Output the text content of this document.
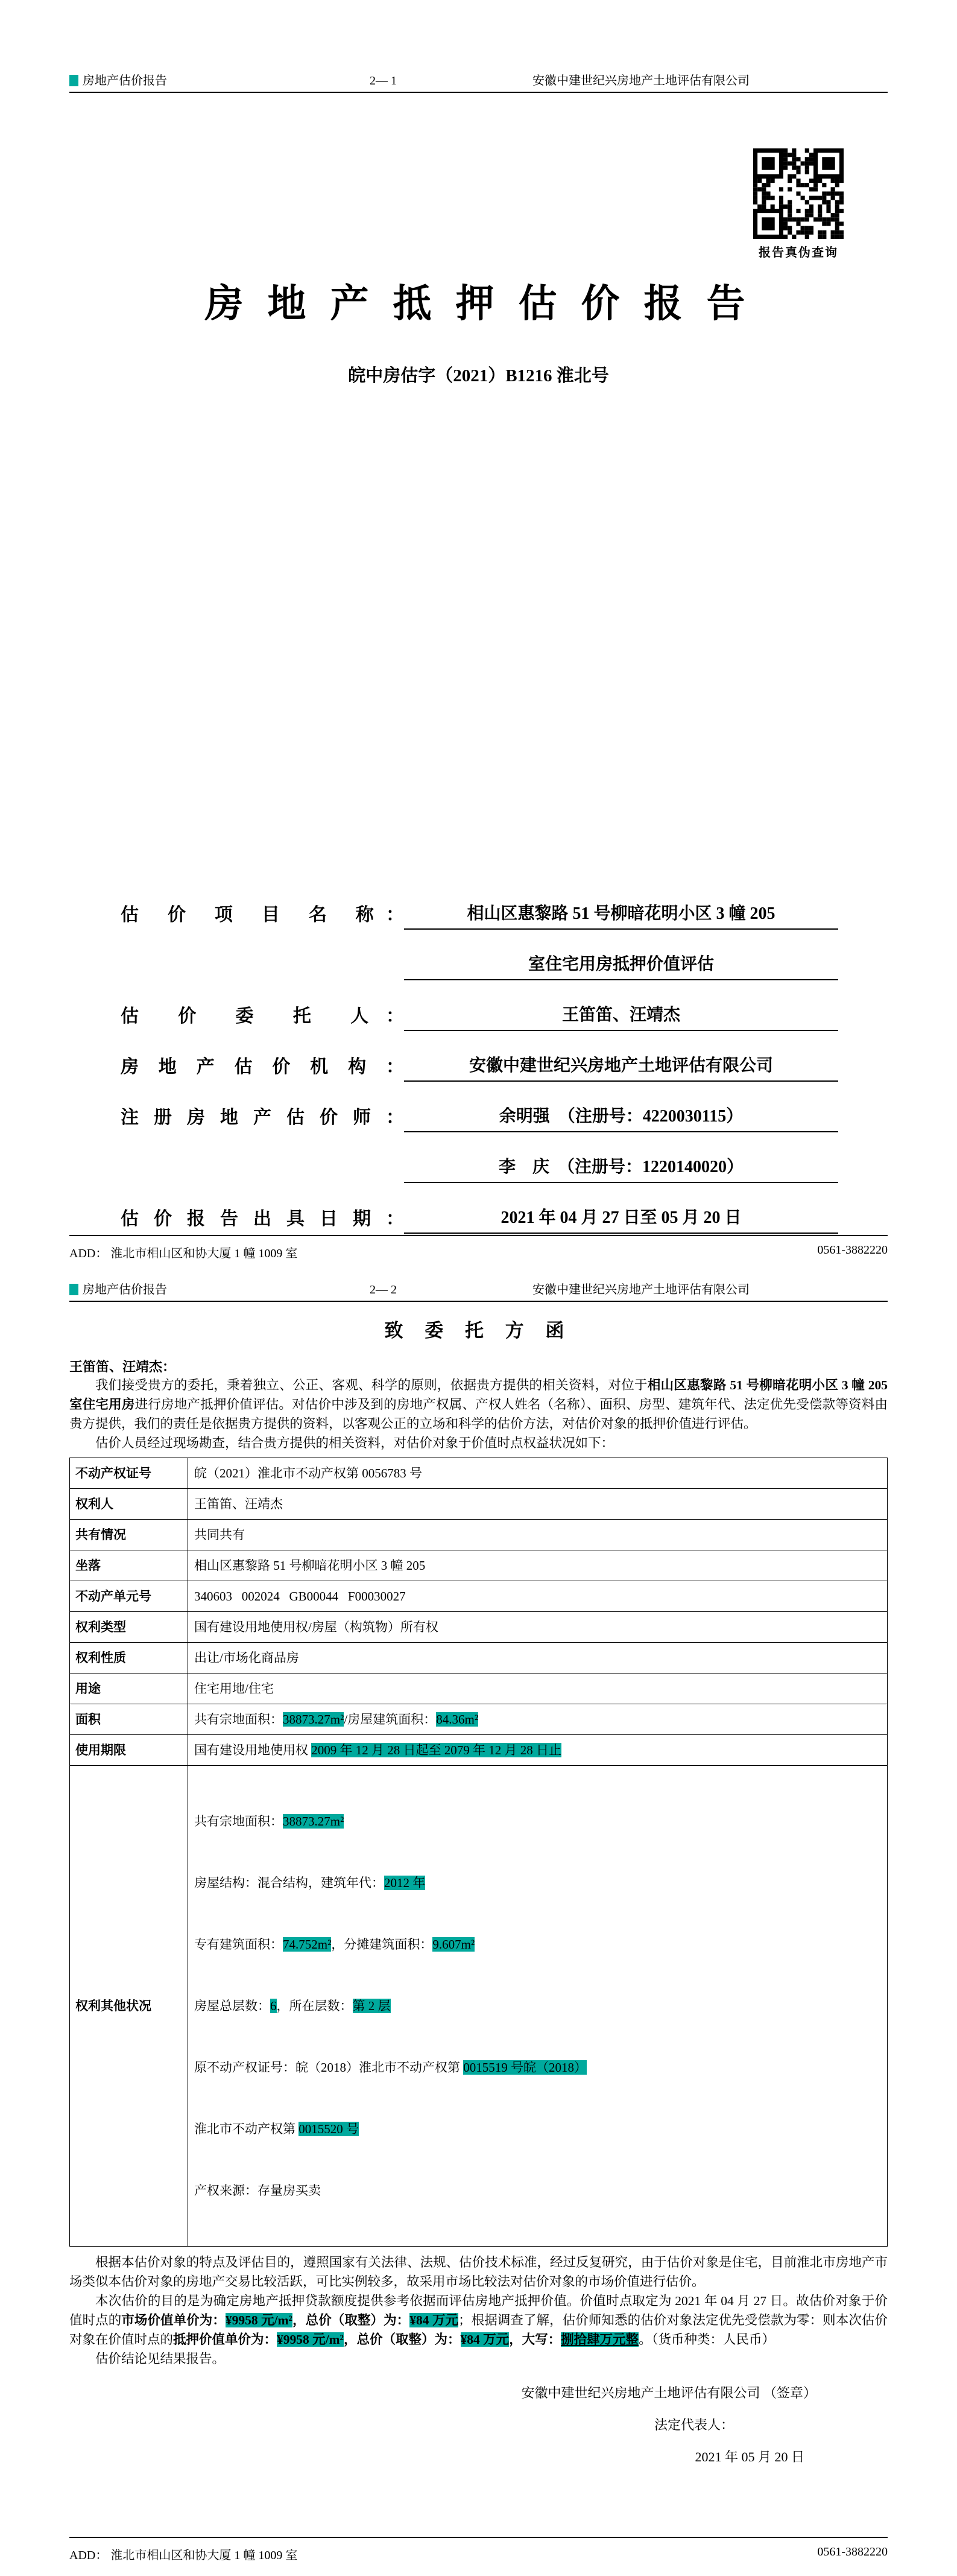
房地产估价报告	2— 1	安徽中建世纪兴房地产土地评估有限公司
报告真伪查询
房 地 产 抵 押 估 价 报 告
皖中房估字（2021）B1216 淮北号
估 价 项 目 名 称：	相山区惠黎路 51 号柳暗花明小区 3 幢 205
室住宅用房抵押价值评估
估 价 委 托 人：	王笛笛、汪靖杰
房地产估价机构：	安徽中建世纪兴房地产土地评估有限公司
注册房地产估价师：	余明强　（注册号：4220030115）
李　庆　（注册号：1220140020）
估价报告出具日期：	2021 年 04 月 27 日至 05 月 20 日
ADD： 淮北市相山区和协大厦 1 幢 1009 室	0561-3882220
房地产估价报告	2— 2	安徽中建世纪兴房地产土地评估有限公司
致 委 托 方 函
王笛笛、汪靖杰：

我们接受贵方的委托，秉着独立、公正、客观、科学的原则，依据贵方提供的相关资料，对位于相山区惠黎路 51 号柳暗花明小区 3 幢 205 室住宅用房进行房地产抵押价值评估。对估价中涉及到的房地产权属、产权人姓名（名称）、面积、房型、建筑年代、法定优先受偿款等资料由贵方提供，我们的责任是依据贵方提供的资料，以客观公正的立场和科学的估价方法，对估价对象的抵押价值进行评估。

估价人员经过现场勘查，结合贵方提供的相关资料，对估价对象于价值时点权益状况如下：

不动产权证号	皖（2021）淮北市不动产权第 0056783 号
权利人	王笛笛、汪靖杰
共有情况	共同共有
坐落	相山区惠黎路 51 号柳暗花明小区 3 幢 205
不动产单元号	340603   002024   GB00044   F00030027
权利类型	国有建设用地使用权/房屋（构筑物）所有权
权利性质	出让/市场化商品房
用途	住宅用地/住宅
面积	共有宗地面积：38873.27m²/房屋建筑面积：84.36m²
使用期限	国有建设用地使用权 2009 年 12 月 28 日起至 2079 年 12 月 28 日止
权利其他状况	

共有宗地面积：38873.27m²

房屋结构：混合结构，建筑年代：2012 年

专有建筑面积：74.752m²，分摊建筑面积：9.607m²

房屋总层数：6，所在层数：第 2 层

原不动产权证号：皖（2018）淮北市不动产权第 0015519 号皖（2018）

淮北市不动产权第 0015520 号

产权来源：存量房买卖

根据本估价对象的特点及评估目的，遵照国家有关法律、法规、估价技术标准，经过反复研究，由于估价对象是住宅，目前淮北市房地产市场类似本估价对象的房地产交易比较活跃，可比实例较多，故采用市场比较法对估价对象的市场价值进行估价。

本次估价的目的是为确定房地产抵押贷款额度提供参考依据而评估房地产抵押价值。价值时点取定为 2021 年 04 月 27 日。故估价对象于价值时点的市场价值单价为：¥9958 元/m²，总价（取整）为：¥84 万元；根据调查了解，估价师知悉的估价对象法定优先受偿款为零：则本次估价对象在价值时点的抵押价值单价为：¥9958 元/m²，总价（取整）为：¥84 万元，大写：捌拾肆万元整。（货币种类：人民币）

估价结论见结果报告。

安徽中建世纪兴房地产土地评估有限公司 （签章）
法定代表人：
2021 年 05 月 20 日
ADD： 淮北市相山区和协大厦 1 幢 1009 室	0561-3882220
